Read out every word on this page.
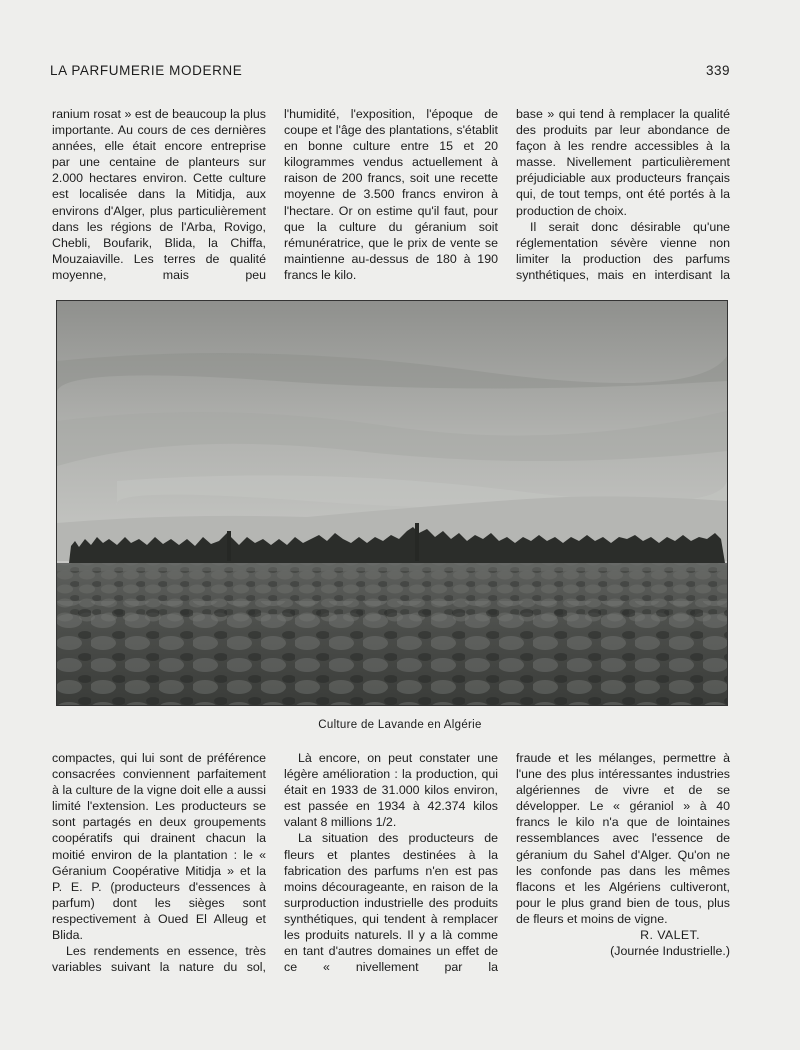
LA PARFUMERIE MODERNE	339

ranium rosat » est de beaucoup la plus importante. Au cours de ces dernières années, elle était encore entreprise par une centaine de planteurs sur 2.000 hectares environ. Cette culture est localisée dans la Mitidja, aux environs d'Alger, plus particulièrement dans les régions de l'Arba, Rovigo, Chebli, Boufarik, Blida, la Chiffa, Mouzaiaville. Les terres de qualité moyenne, mais peu

l'humidité, l'exposition, l'époque de coupe et l'âge des plantations, s'établit en bonne culture entre 15 et 20 kilogrammes vendus actuellement à raison de 200 francs, soit une recette moyenne de 3.500 francs environ à l'hectare. Or on estime qu'il faut, pour que la culture du géranium soit rémunératrice, que le prix de vente se maintienne au-dessus de 180 à 190 francs le kilo.

base » qui tend à remplacer la qualité des produits par leur abondance de façon à les rendre accessibles à la masse. Nivellement particulièrement préjudiciable aux producteurs français qui, de tout temps, ont été portés à la production de choix.

Il serait donc désirable qu'une réglementation sévère vienne non limiter la production des parfums synthétiques, mais en interdisant la

Culture de Lavande en Algérie

compactes, qui lui sont de préférence consacrées conviennent parfaitement à la culture de la vigne doit elle a aussi limité l'extension. Les producteurs se sont partagés en deux groupements coopératifs qui drainent chacun la moitié environ de la plantation : le « Géranium Coopérative Mitidja » et la P. E. P. (producteurs d'essences à parfum) dont les sièges sont respectivement à Oued El Alleug et Blida.

Les rendements en essence, très variables suivant la nature du sol,

Là encore, on peut constater une légère amélioration : la production, qui était en 1933 de 31.000 kilos environ, est passée en 1934 à 42.374 kilos valant 8 millions 1/2.

La situation des producteurs de fleurs et plantes destinées à la fabrication des parfums n'en est pas moins décourageante, en raison de la surproduction industrielle des produits synthétiques, qui tendent à remplacer les produits naturels. Il y a là comme en tant d'autres domaines un effet de ce « nivellement par la

fraude et les mélanges, permettre à l'une des plus intéressantes industries algériennes de vivre et de se développer. Le « géraniol » à 40 francs le kilo n'a que de lointaines ressemblances avec l'essence de géranium du Sahel d'Alger. Qu'on ne les confonde pas dans les mêmes flacons et les Algériens cultiveront, pour le plus grand bien de tous, plus de fleurs et moins de vigne.

R. VALET.

(Journée Industrielle.)
